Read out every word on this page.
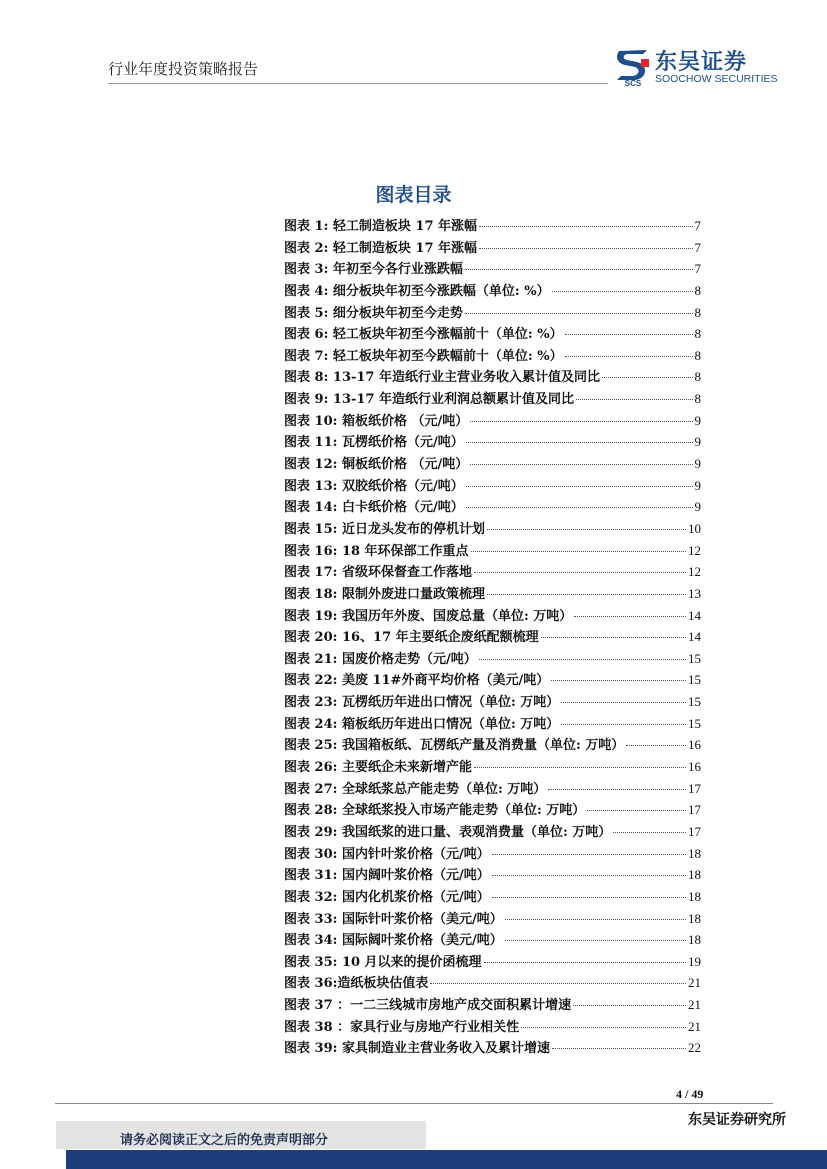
行业年度投资策略报告
SCS
东吴证券
SOOCHOW SECURITIES
图表目录
图表 1: 轻工制造板块 17 年涨幅	7
图表 2: 轻工制造板块 17 年涨幅	7
图表 3: 年初至今各行业涨跌幅	7
图表 4: 细分板块年初至今涨跌幅（单位: %）	8
图表 5: 细分板块年初至今走势	8
图表 6: 轻工板块年初至今涨幅前十（单位: %）	8
图表 7: 轻工板块年初至今跌幅前十（单位: %）	8
图表 8: 13-17 年造纸行业主营业务收入累计值及同比	8
图表 9: 13-17 年造纸行业利润总额累计值及同比	8
图表 10: 箱板纸价格 （元/吨）	9
图表 11: 瓦楞纸价格（元/吨）	9
图表 12: 铜板纸价格 （元/吨）	9
图表 13: 双胶纸价格（元/吨）	9
图表 14: 白卡纸价格（元/吨）	9
图表 15: 近日龙头发布的停机计划	10
图表 16: 18 年环保部工作重点	12
图表 17: 省级环保督查工作落地	12
图表 18: 限制外废进口量政策梳理	13
图表 19: 我国历年外废、国废总量（单位: 万吨）	14
图表 20: 16、17 年主要纸企废纸配额梳理	14
图表 21: 国废价格走势（元/吨）	15
图表 22: 美废 11#外商平均价格（美元/吨）	15
图表 23: 瓦楞纸历年进出口情况（单位: 万吨）	15
图表 24: 箱板纸历年进出口情况（单位: 万吨）	15
图表 25: 我国箱板纸、瓦楞纸产量及消费量（单位: 万吨）	16
图表 26: 主要纸企未来新增产能	16
图表 27: 全球纸浆总产能走势（单位: 万吨）	17
图表 28: 全球纸浆投入市场产能走势（单位: 万吨）	17
图表 29: 我国纸浆的进口量、表观消费量（单位: 万吨）	17
图表 30: 国内针叶浆价格（元/吨）	18
图表 31: 国内阔叶浆价格（元/吨）	18
图表 32: 国内化机浆价格（元/吨）	18
图表 33: 国际针叶浆价格（美元/吨）	18
图表 34: 国际阔叶浆价格（美元/吨）	18
图表 35: 10 月以来的提价函梳理	19
图表 36:造纸板块估值表	21
图表 37 ：一二三线城市房地产成交面积累计增速	21
图表 38 ：家具行业与房地产行业相关性	21
图表 39: 家具制造业主营业务收入及累计增速	22
4 / 49
东吴证券研究所
请务必阅读正文之后的免责声明部分
